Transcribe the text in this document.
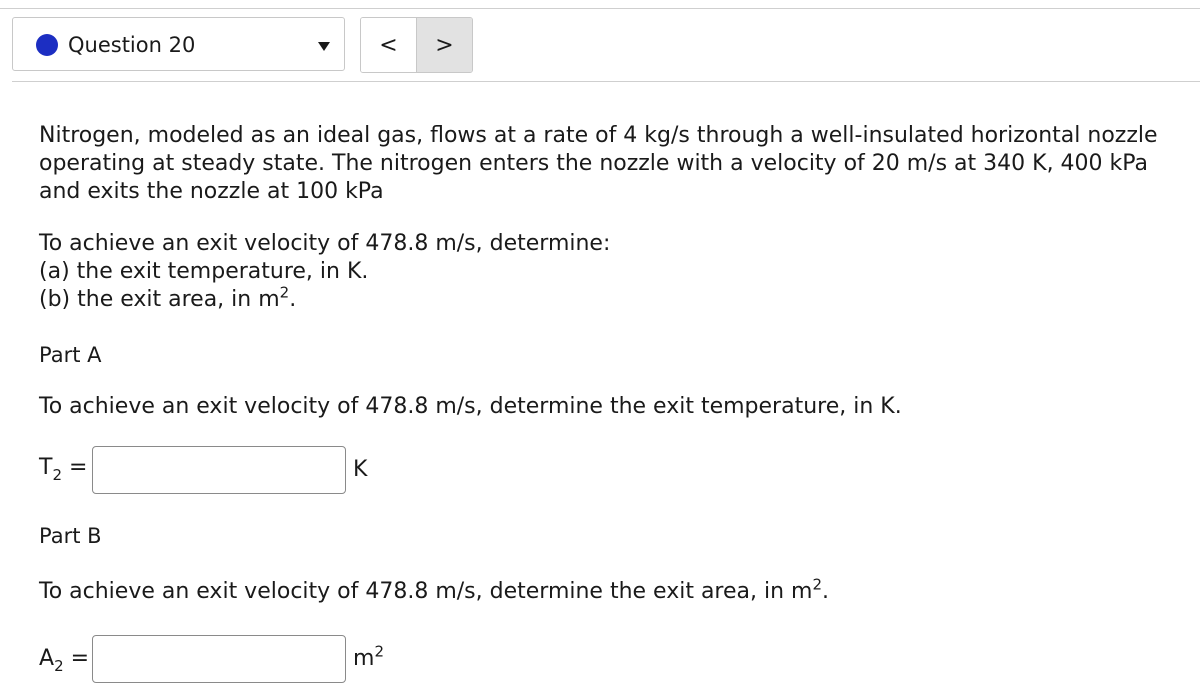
Question 20	<	>
Nitrogen, modeled as an ideal gas, flows at a rate of 4 kg/s through a well-insulated horizontal nozzle operating at steady state. The nitrogen enters the nozzle with a velocity of 20 m/s at 340 K, 400 kPa and exits the nozzle at 100 kPa
To achieve an exit velocity of 478.8 m/s, determine:
(a) the exit temperature, in K.
(b) the exit area, in $m^2$.
Part A
To achieve an exit velocity of 478.8 m/s, determine the exit temperature, in K.
$T_2$ =	K
Part B
To achieve an exit velocity of 478.8 m/s, determine the exit area, in $m^2$.
$A_2$ =	$m^2$
